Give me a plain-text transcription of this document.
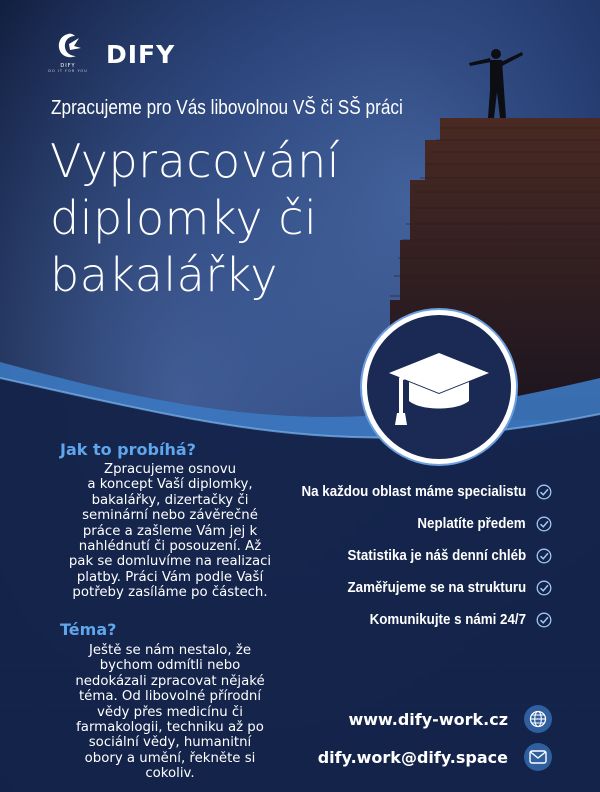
DIFY
DO IT FOR YOU
DIFY
Zpracujeme pro Vás libovolnou VŠ či SŠ práci
Vypracování
diplomky či
bakalářky
Jak to probíhá?
Zpracujeme osnovu
a koncept Vaší diplomky,
bakalářky, dizertačky či
seminární nebo závěrečné
práce a zašleme Vám jej k
nahlédnutí či posouzení. Až
pak se domluvíme na realizaci
platby. Práci Vám podle Vaší
potřeby zasíláme po částech.
Téma?
Ještě se nám nestalo, že
bychom odmítli nebo
nedokázali zpracovat nějaké
téma. Od libovolné přírodní
vědy přes medicínu či
farmakologii, techniku až po
sociální vědy, humanitní
obory a umění, řekněte si
cokoliv.
Na každou oblast máme specialistu
Neplatíte předem
Statistika je náš denní chléb
Zaměřujeme se na strukturu
Komunikujte s námi 24/7
www.dify-work.cz
dify.work@dify.space
